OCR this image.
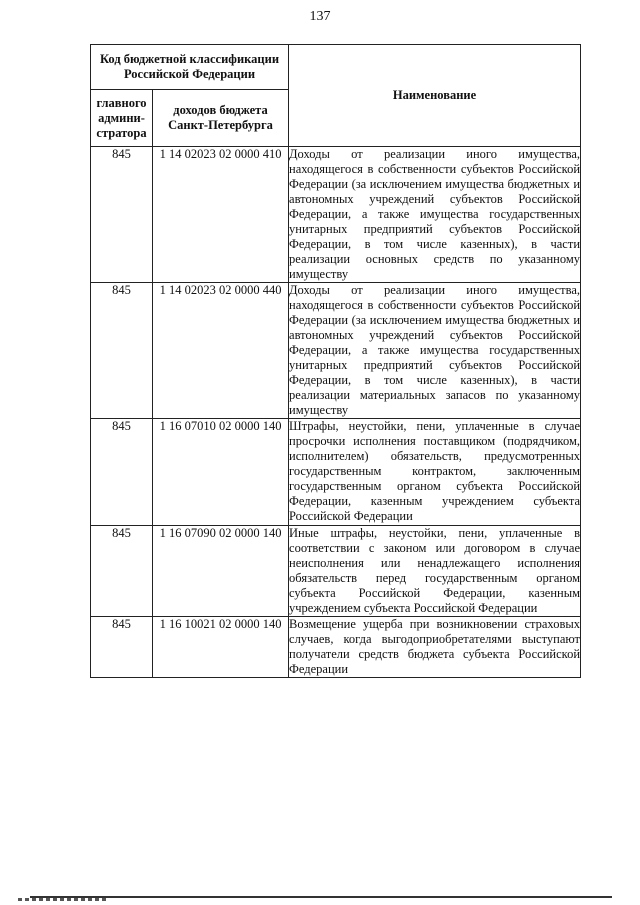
137
Код бюджетной классификации Российской Федерации		Наименование
главного админи-стратора	доходов бюджета Санкт-Петербурга	
845	1 14 02023 02 0000 410	Доходы от реализации иного имущества, находящегося в собственности субъектов Российской Федерации (за исключением имущества бюджетных и автономных учреждений субъектов Российской Федерации, а также имущества государственных унитарных предприятий субъектов Российской Федерации, в том числе казенных), в части реализации основных средств по указанному имуществу
845	1 14 02023 02 0000 440	Доходы от реализации иного имущества, находящегося в собственности субъектов Российской Федерации (за исключением имущества бюджетных и автономных учреждений субъектов Российской Федерации, а также имущества государственных унитарных предприятий субъектов Российской Федерации, в том числе казенных), в части реализации материальных запасов по указанному имуществу
845	1 16 07010 02 0000 140	Штрафы, неустойки, пени, уплаченные в случае просрочки исполнения поставщиком (подрядчиком, исполнителем) обязательств, предусмотренных государственным контрактом, заключенным государственным органом субъекта Российской Федерации, казенным учреждением субъекта Российской Федерации
845	1 16 07090 02 0000 140	Иные штрафы, неустойки, пени, уплаченные в соответствии с законом или договором в случае неисполнения или ненадлежащего исполнения обязательств перед государственным органом субъекта Российской Федерации, казенным учреждением субъекта Российской Федерации
845	1 16 10021 02 0000 140	Возмещение ущерба при возникновении страховых случаев, когда выгодоприобретателями выступают получатели средств бюджета субъекта Российской Федерации
